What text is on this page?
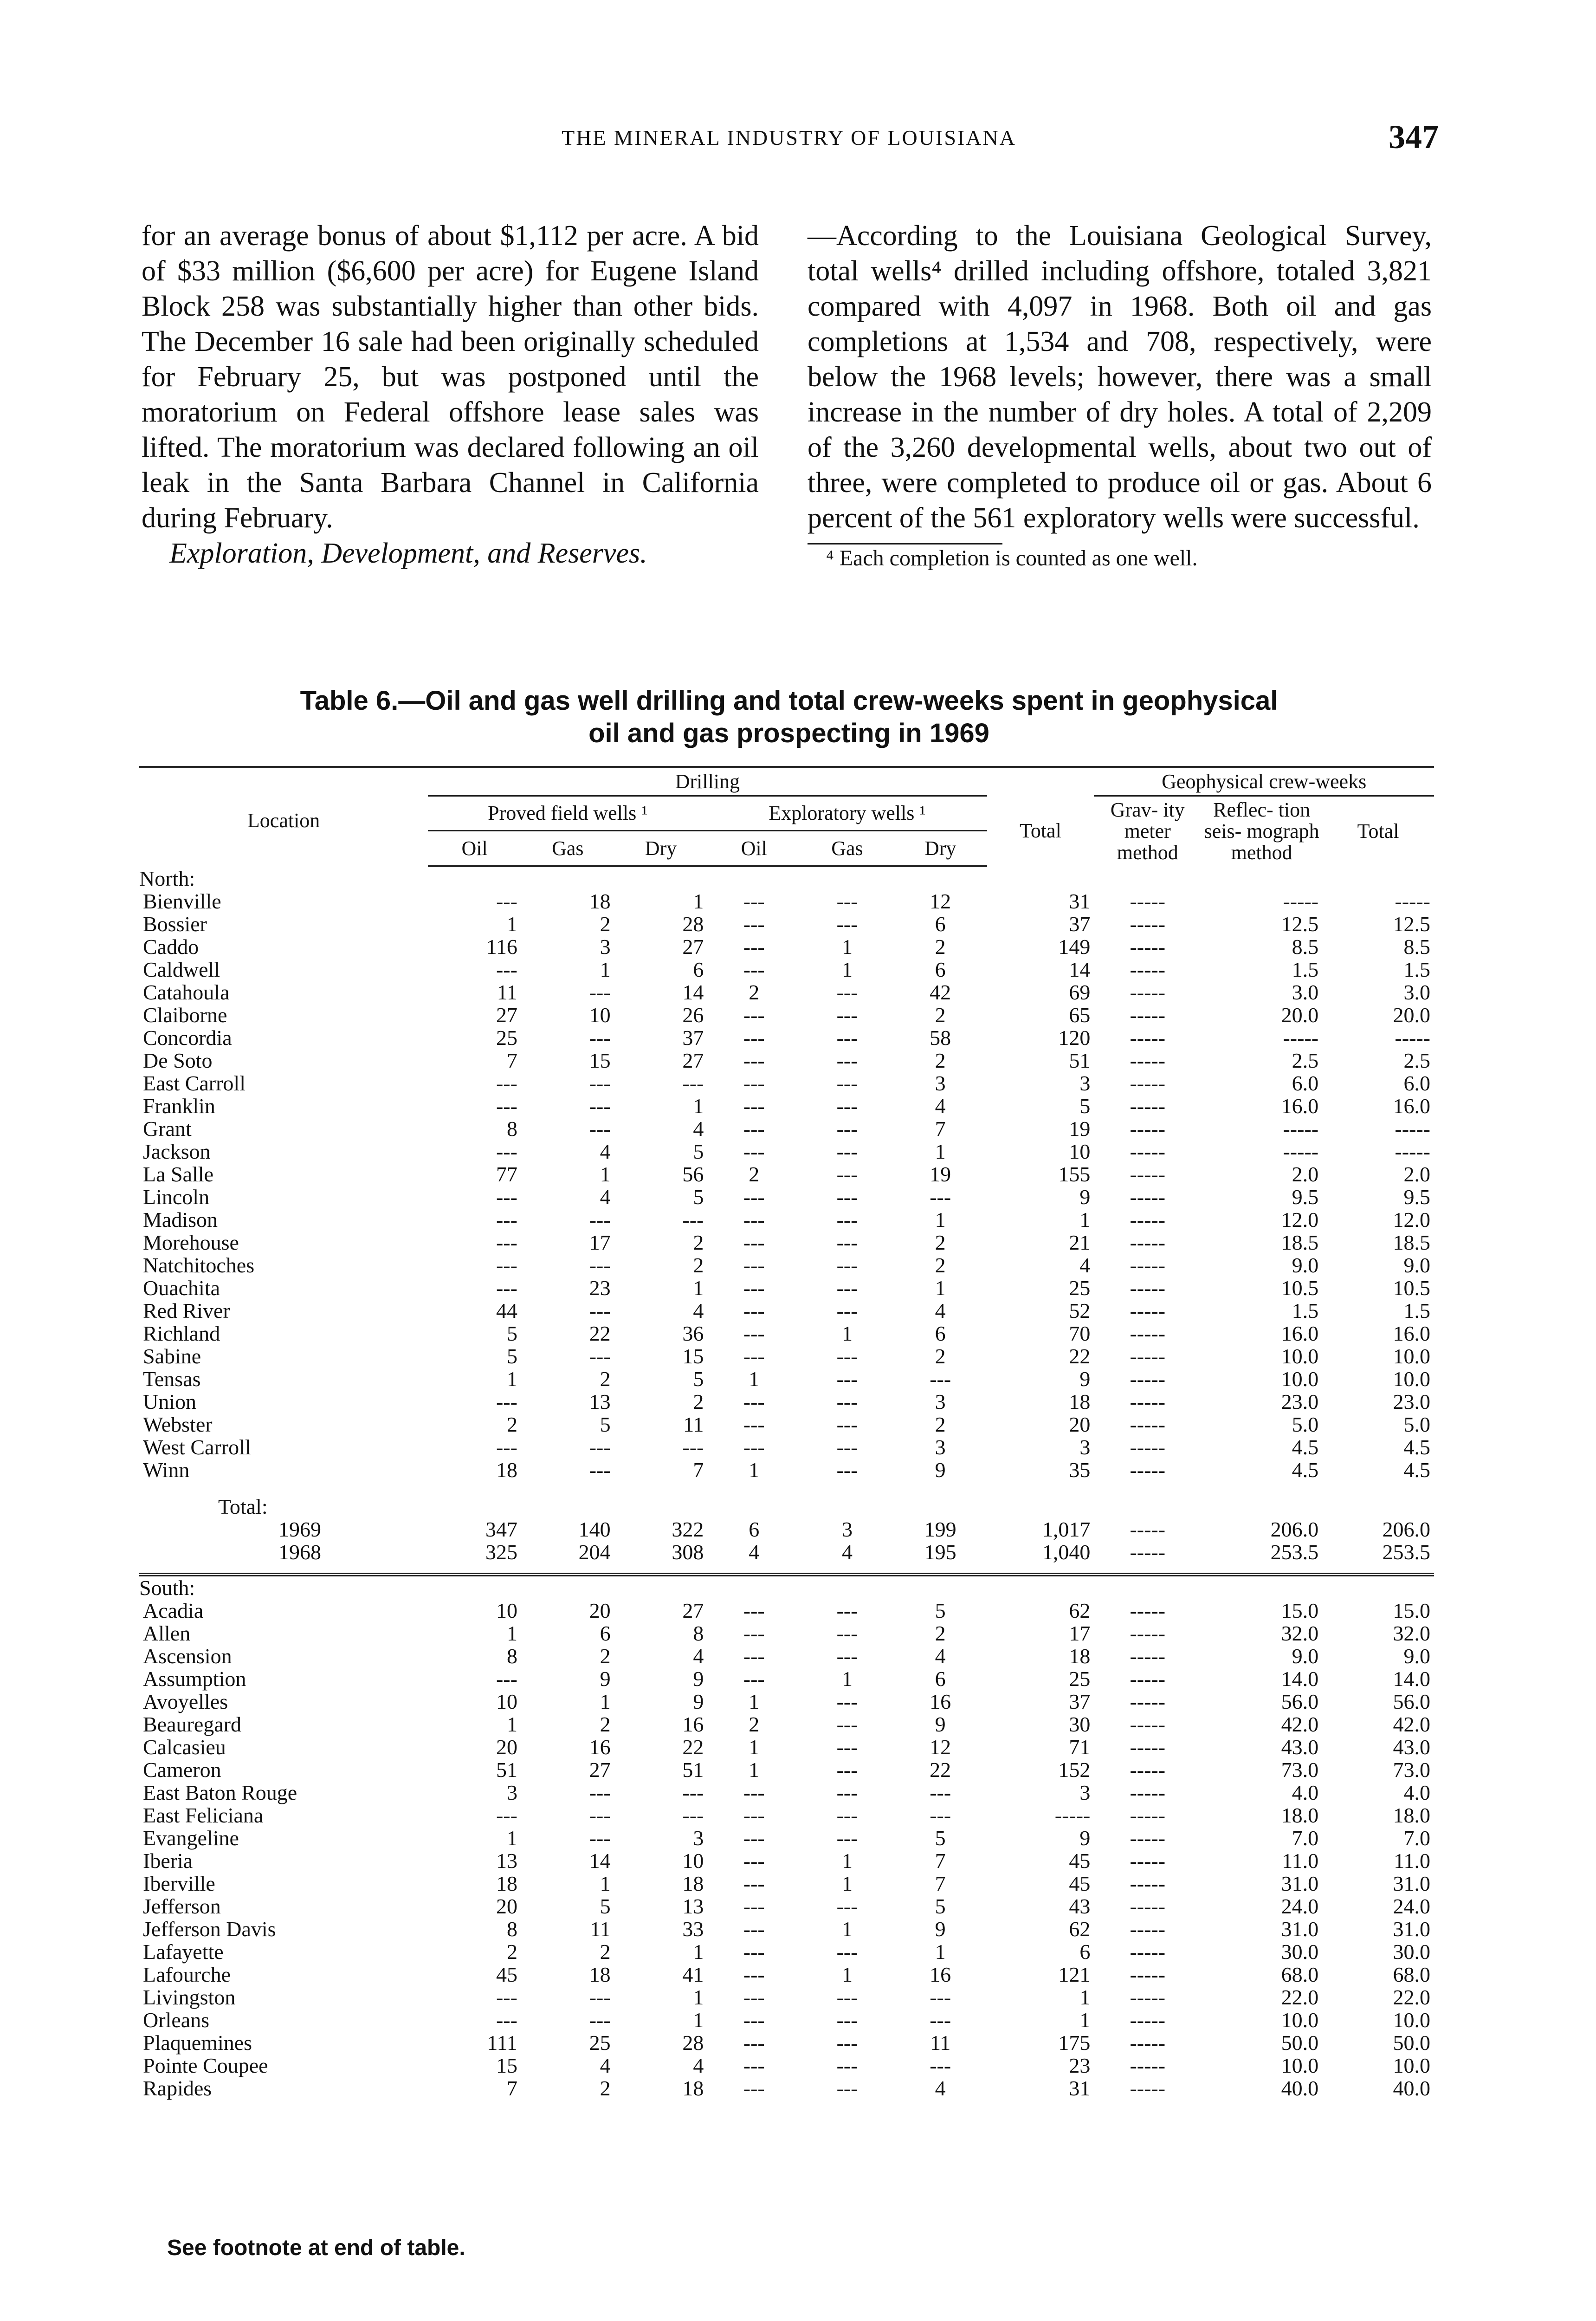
THE MINERAL INDUSTRY OF LOUISIANA	347

for an average bonus of about $1,112 per acre. A bid of $33 million ($6,600 per acre) for Eugene Island Block 258 was substantially higher than other bids. The December 16 sale had been originally scheduled for February 25, but was postponed until the moratorium on Federal offshore lease sales was lifted. The moratorium was declared following an oil leak in the Santa Barbara Channel in California during February.

Exploration, Development, and Reserves.

—According to the Louisiana Geological Survey, total wells⁴ drilled including offshore, totaled 3,821 compared with 4,097 in 1968. Both oil and gas completions at 1,534 and 708, respectively, were below the 1968 levels; however, there was a small increase in the number of dry holes. A total of 2,209 of the 3,260 developmental wells, about two out of three, were completed to produce oil or gas. About 6 percent of the 561 exploratory wells were successful.

⁴ Each completion is counted as one well.

Table 6.—Oil and gas well drilling and total crew-weeks spent in geophysical
oil and gas prospecting in 1969
Location	Drilling							Geophysical crew-weeks		
	Proved field wells ¹			Exploratory wells ¹			Total	Grav- ity meter method	Reflec- tion seis- mograph method	Total
	Oil	Gas	Dry	Oil	Gas	Dry				
North:										
Bienville	---	18	1	---	---	12	31	-----	-----	-----
Bossier	1	2	28	---	---	6	37	-----	12.5	12.5
Caddo	116	3	27	---	1	2	149	-----	8.5	8.5
Caldwell	---	1	6	---	1	6	14	-----	1.5	1.5
Catahoula	11	---	14	2	---	42	69	-----	3.0	3.0
Claiborne	27	10	26	---	---	2	65	-----	20.0	20.0
Concordia	25	---	37	---	---	58	120	-----	-----	-----
De Soto	7	15	27	---	---	2	51	-----	2.5	2.5
East Carroll	---	---	---	---	---	3	3	-----	6.0	6.0
Franklin	---	---	1	---	---	4	5	-----	16.0	16.0
Grant	8	---	4	---	---	7	19	-----	-----	-----
Jackson	---	4	5	---	---	1	10	-----	-----	-----
La Salle	77	1	56	2	---	19	155	-----	2.0	2.0
Lincoln	---	4	5	---	---	---	9	-----	9.5	9.5
Madison	---	---	---	---	---	1	1	-----	12.0	12.0
Morehouse	---	17	2	---	---	2	21	-----	18.5	18.5
Natchitoches	---	---	2	---	---	2	4	-----	9.0	9.0
Ouachita	---	23	1	---	---	1	25	-----	10.5	10.5
Red River	44	---	4	---	---	4	52	-----	1.5	1.5
Richland	5	22	36	---	1	6	70	-----	16.0	16.0
Sabine	5	---	15	---	---	2	22	-----	10.0	10.0
Tensas	1	2	5	1	---	---	9	-----	10.0	10.0
Union	---	13	2	---	---	3	18	-----	23.0	23.0
Webster	2	5	11	---	---	2	20	-----	5.0	5.0
West Carroll	---	---	---	---	---	3	3	-----	4.5	4.5
Winn	18	---	7	1	---	9	35	-----	4.5	4.5

Total:										
1969	347	140	322	6	3	199	1,017	-----	206.0	206.0
1968	325	204	308	4	4	195	1,040	-----	253.5	253.5

South:										
Acadia	10	20	27	---	---	5	62	-----	15.0	15.0
Allen	1	6	8	---	---	2	17	-----	32.0	32.0
Ascension	8	2	4	---	---	4	18	-----	9.0	9.0
Assumption	---	9	9	---	1	6	25	-----	14.0	14.0
Avoyelles	10	1	9	1	---	16	37	-----	56.0	56.0
Beauregard	1	2	16	2	---	9	30	-----	42.0	42.0
Calcasieu	20	16	22	1	---	12	71	-----	43.0	43.0
Cameron	51	27	51	1	---	22	152	-----	73.0	73.0
East Baton Rouge	3	---	---	---	---	---	3	-----	4.0	4.0
East Feliciana	---	---	---	---	---	---	-----	-----	18.0	18.0
Evangeline	1	---	3	---	---	5	9	-----	7.0	7.0
Iberia	13	14	10	---	1	7	45	-----	11.0	11.0
Iberville	18	1	18	---	1	7	45	-----	31.0	31.0
Jefferson	20	5	13	---	---	5	43	-----	24.0	24.0
Jefferson Davis	8	11	33	---	1	9	62	-----	31.0	31.0
Lafayette	2	2	1	---	---	1	6	-----	30.0	30.0
Lafourche	45	18	41	---	1	16	121	-----	68.0	68.0
Livingston	---	---	1	---	---	---	1	-----	22.0	22.0
Orleans	---	---	1	---	---	---	1	-----	10.0	10.0
Plaquemines	111	25	28	---	---	11	175	-----	50.0	50.0
Pointe Coupee	15	4	4	---	---	---	23	-----	10.0	10.0
Rapides	7	2	18	---	---	4	31	-----	40.0	40.0
See footnote at end of table.
